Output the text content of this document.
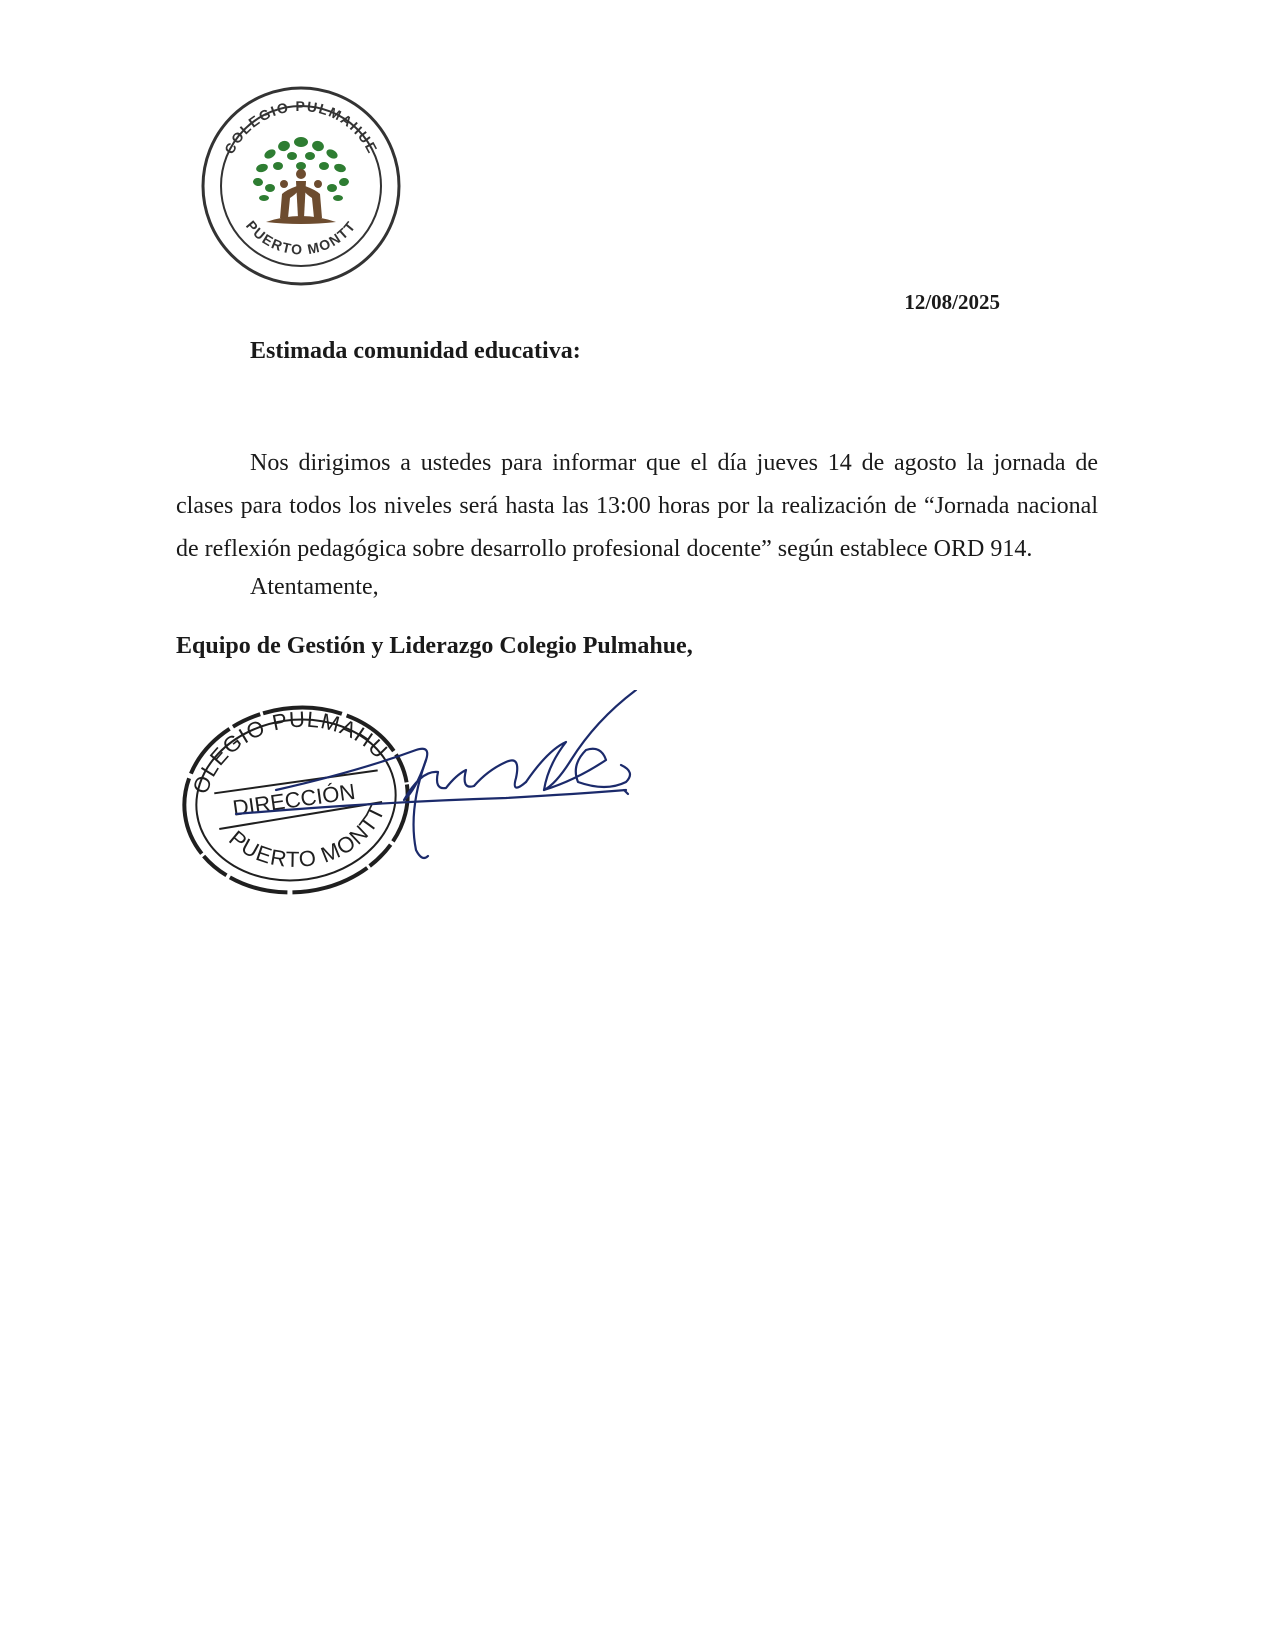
COLEGIO PULMAHUE
PUERTO MONTT
12/08/2025
Estimada comunidad educativa:

Nos dirigimos a ustedes para informar que el día jueves 14 de agosto la jornada de clases para todos los niveles será hasta las 13:00 horas por la realización de “Jornada nacional de reflexión pedagógica sobre desarrollo profesional docente” según establece ORD 914.

Atentamente,
Equipo de Gestión y Liderazgo Colegio Pulmahue,
COLEGIO PULMAHUE
DIRECCIÓN
PUERTO MONTT
